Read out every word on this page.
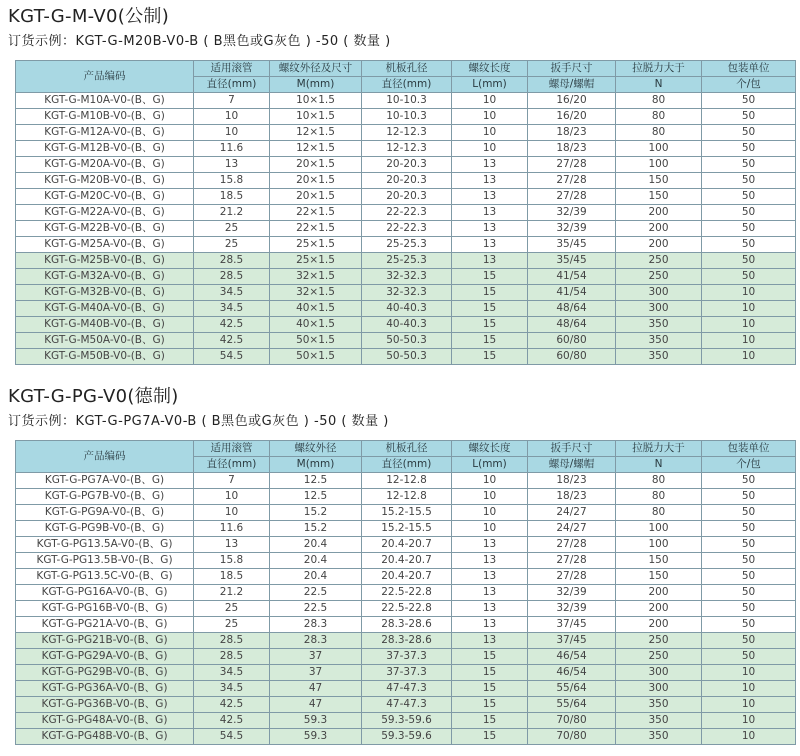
KGT-G-M-V0(公制)
订货示例：KGT-G-M20B-V0-B ( B黑色或G灰色 ) -50 ( 数量 )
产品编码	适用滚管	螺纹外径及尺寸	机板孔径	螺纹长度	扳手尺寸	拉脱力大于	包装单位
	直径(mm)	M(mm)	直径(mm)	L(mm)	螺母/螺帽	N	个/包
KGT-G-M10A-V0-(B、G)	7	10×1.5	10-10.3	10	16/20	80	50
KGT-G-M10B-V0-(B、G)	10	10×1.5	10-10.3	10	16/20	80	50
KGT-G-M12A-V0-(B、G)	10	12×1.5	12-12.3	10	18/23	80	50
KGT-G-M12B-V0-(B、G)	11.6	12×1.5	12-12.3	10	18/23	100	50
KGT-G-M20A-V0-(B、G)	13	20×1.5	20-20.3	13	27/28	100	50
KGT-G-M20B-V0-(B、G)	15.8	20×1.5	20-20.3	13	27/28	150	50
KGT-G-M20C-V0-(B、G)	18.5	20×1.5	20-20.3	13	27/28	150	50
KGT-G-M22A-V0-(B、G)	21.2	22×1.5	22-22.3	13	32/39	200	50
KGT-G-M22B-V0-(B、G)	25	22×1.5	22-22.3	13	32/39	200	50
KGT-G-M25A-V0-(B、G)	25	25×1.5	25-25.3	13	35/45	200	50
KGT-G-M25B-V0-(B、G)	28.5	25×1.5	25-25.3	13	35/45	250	50
KGT-G-M32A-V0-(B、G)	28.5	32×1.5	32-32.3	15	41/54	250	50
KGT-G-M32B-V0-(B、G)	34.5	32×1.5	32-32.3	15	41/54	300	10
KGT-G-M40A-V0-(B、G)	34.5	40×1.5	40-40.3	15	48/64	300	10
KGT-G-M40B-V0-(B、G)	42.5	40×1.5	40-40.3	15	48/64	350	10
KGT-G-M50A-V0-(B、G)	42.5	50×1.5	50-50.3	15	60/80	350	10
KGT-G-M50B-V0-(B、G)	54.5	50×1.5	50-50.3	15	60/80	350	10
KGT-G-PG-V0(德制)
订货示例：KGT-G-PG7A-V0-B ( B黑色或G灰色 ) -50 ( 数量 )
产品编码	适用滚管	螺纹外径	机板孔径	螺纹长度	扳手尺寸	拉脱力大于	包装单位
	直径(mm)	M(mm)	直径(mm)	L(mm)	螺母/螺帽	N	个/包
KGT-G-PG7A-V0-(B、G)	7	12.5	12-12.8	10	18/23	80	50
KGT-G-PG7B-V0-(B、G)	10	12.5	12-12.8	10	18/23	80	50
KGT-G-PG9A-V0-(B、G)	10	15.2	15.2-15.5	10	24/27	80	50
KGT-G-PG9B-V0-(B、G)	11.6	15.2	15.2-15.5	10	24/27	100	50
KGT-G-PG13.5A-V0-(B、G)	13	20.4	20.4-20.7	13	27/28	100	50
KGT-G-PG13.5B-V0-(B、G)	15.8	20.4	20.4-20.7	13	27/28	150	50
KGT-G-PG13.5C-V0-(B、G)	18.5	20.4	20.4-20.7	13	27/28	150	50
KGT-G-PG16A-V0-(B、G)	21.2	22.5	22.5-22.8	13	32/39	200	50
KGT-G-PG16B-V0-(B、G)	25	22.5	22.5-22.8	13	32/39	200	50
KGT-G-PG21A-V0-(B、G)	25	28.3	28.3-28.6	13	37/45	200	50
KGT-G-PG21B-V0-(B、G)	28.5	28.3	28.3-28.6	13	37/45	250	50
KGT-G-PG29A-V0-(B、G)	28.5	37	37-37.3	15	46/54	250	50
KGT-G-PG29B-V0-(B、G)	34.5	37	37-37.3	15	46/54	300	10
KGT-G-PG36A-V0-(B、G)	34.5	47	47-47.3	15	55/64	300	10
KGT-G-PG36B-V0-(B、G)	42.5	47	47-47.3	15	55/64	350	10
KGT-G-PG48A-V0-(B、G)	42.5	59.3	59.3-59.6	15	70/80	350	10
KGT-G-PG48B-V0-(B、G)	54.5	59.3	59.3-59.6	15	70/80	350	10
